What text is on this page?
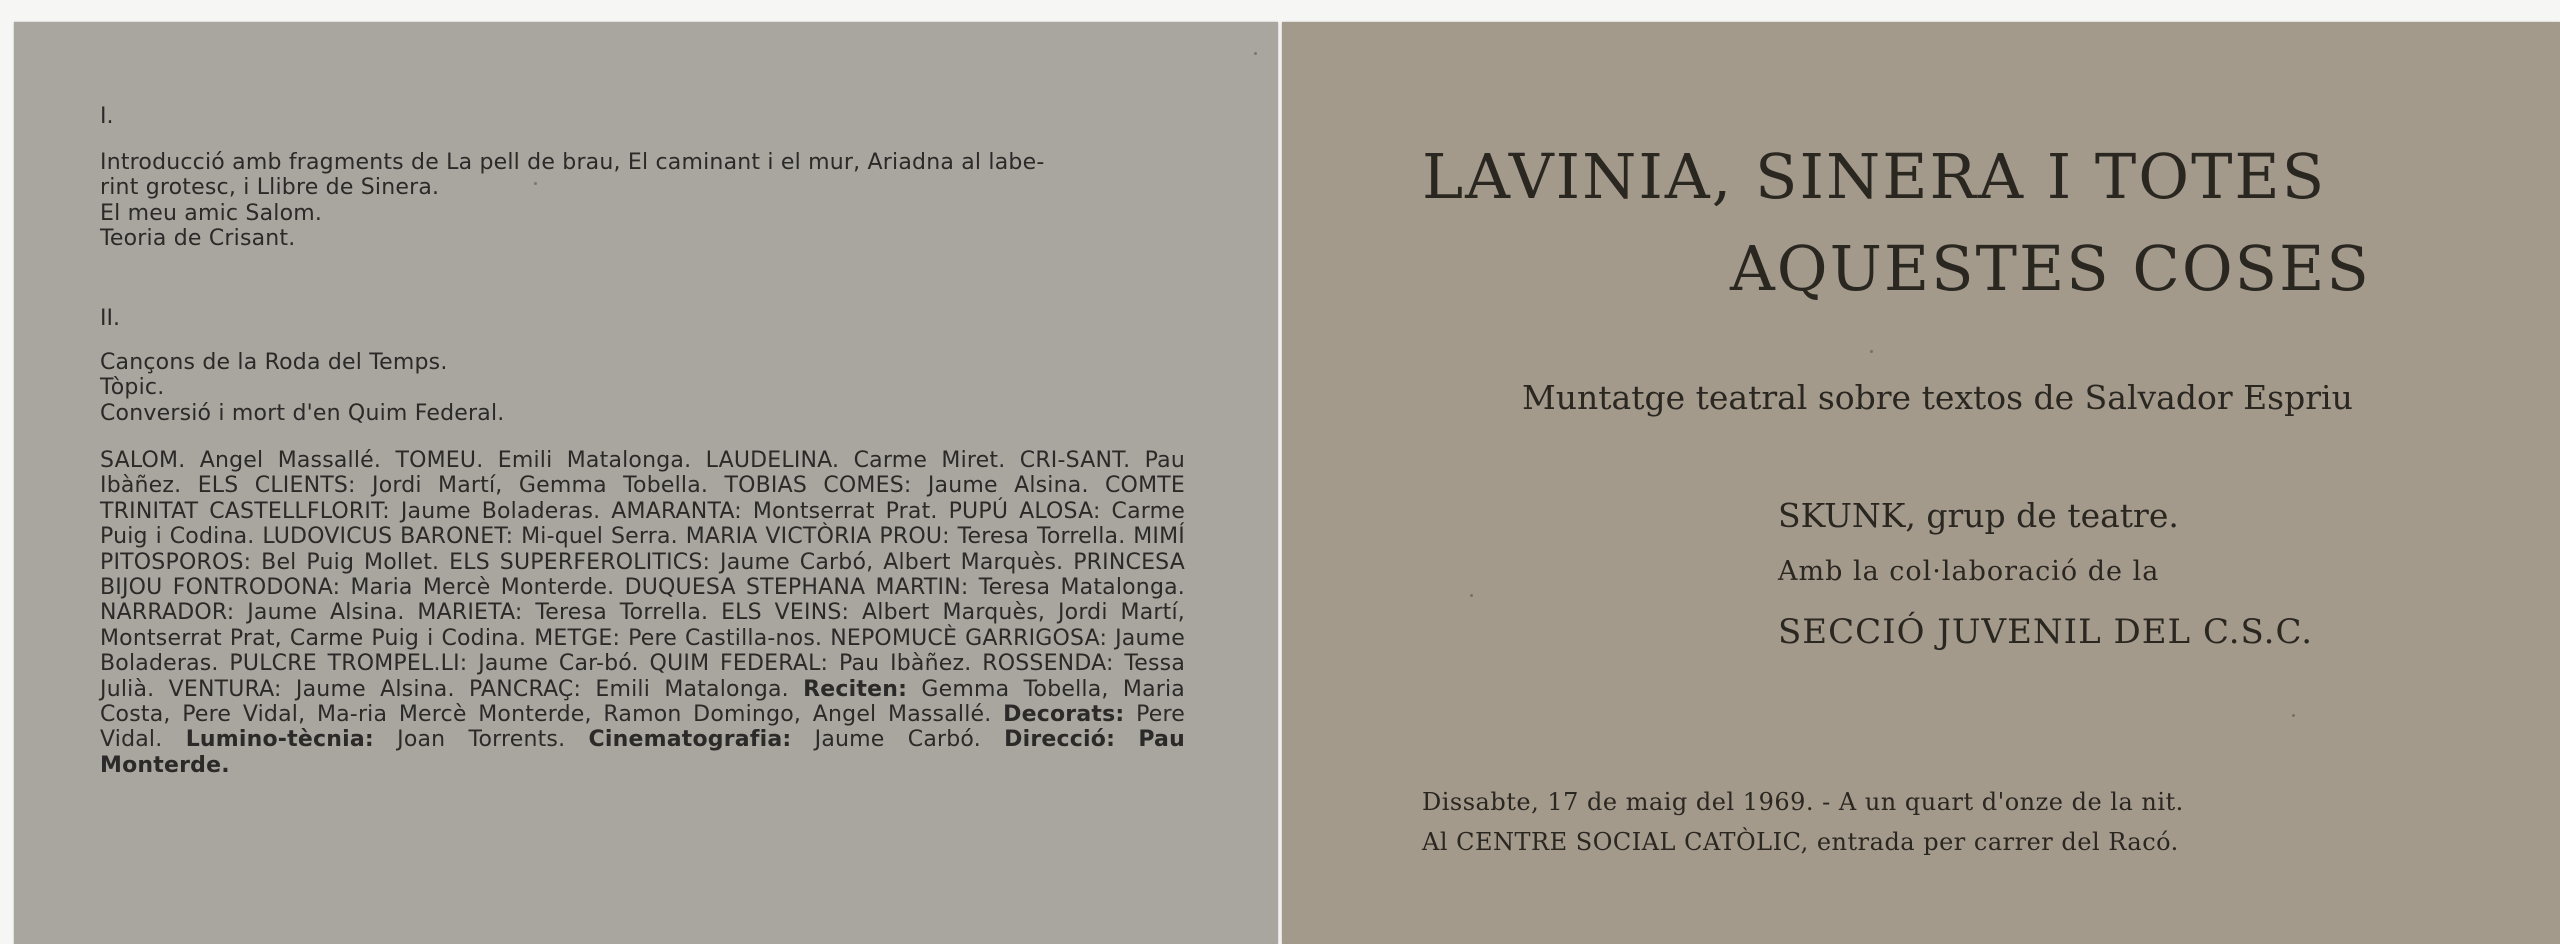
I.
Introducció amb fragments de La pell de brau, El caminant i el mur, Ariadna al labe-
rint grotesc, i Llibre de Sinera.
El meu amic Salom.
Teoria de Crisant.
II.
Cançons de la Roda del Temps.
Tòpic.
Conversió i mort d'en Quim Federal.
SALOM. Angel Massallé. TOMEU. Emili Matalonga. LAUDELINA. Carme Miret. CRI-SANT. Pau Ibàñez. ELS CLIENTS: Jordi Martí, Gemma Tobella. TOBIAS COMES: Jaume Alsina. COMTE TRINITAT CASTELLFLORIT: Jaume Boladeras. AMARANTA: Montserrat Prat. PUPÚ ALOSA: Carme Puig i Codina. LUDOVICUS BARONET: Mi-quel Serra. MARIA VICTÒRIA PROU: Teresa Torrella. MIMÍ PITOSPOROS: Bel Puig Mollet. ELS SUPERFEROLITICS: Jaume Carbó, Albert Marquès. PRINCESA BIJOU FONTRODONA: Maria Mercè Monterde. DUQUESA STEPHANA MARTIN: Teresa Matalonga. NARRADOR: Jaume Alsina. MARIETA: Teresa Torrella. ELS VEINS: Albert Marquès, Jordi Martí, Montserrat Prat, Carme Puig i Codina. METGE: Pere Castilla-nos. NEPOMUCÈ GARRIGOSA: Jaume Boladeras. PULCRE TROMPEL.LI: Jaume Car-bó. QUIM FEDERAL: Pau Ibàñez. ROSSENDA: Tessa Julià. VENTURA: Jaume Alsina. PANCRAÇ: Emili Matalonga. Reciten: Gemma Tobella, Maria Costa, Pere Vidal, Ma-ria Mercè Monterde, Ramon Domingo, Angel Massallé. Decorats: Pere Vidal. Lumino-tècnia: Joan Torrents. Cinematografia: Jaume Carbó. Direcció: Pau Monterde.
LAVINIA, SINERA I TOTES
AQUESTES COSES
Muntatge teatral sobre textos de Salvador Espriu
SKUNK, grup de teatre.
Amb la col·laboració de la
SECCIÓ JUVENIL DEL C.S.C.
Dissabte, 17 de maig del 1969. - A un quart d'onze de la nit.
Al CENTRE SOCIAL CATÒLIC, entrada per carrer del Racó.
